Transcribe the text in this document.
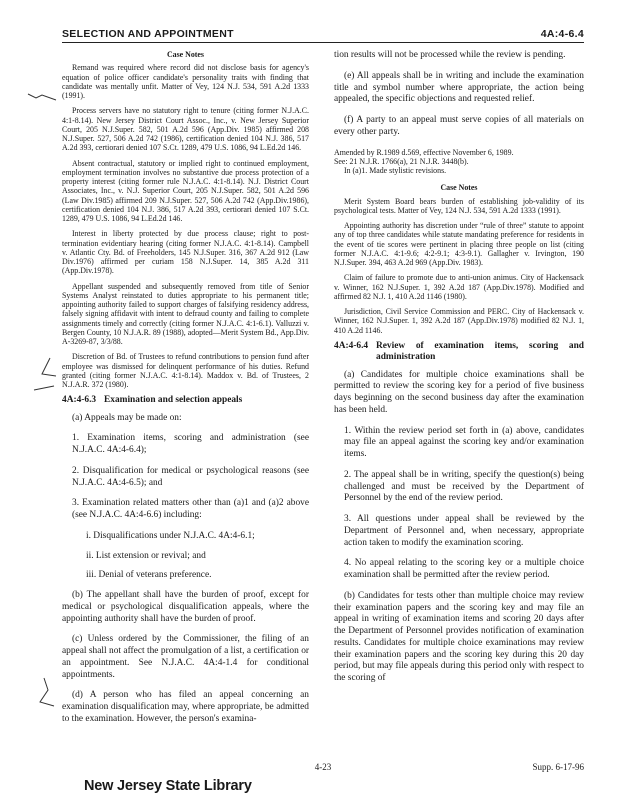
SELECTION AND APPOINTMENT	4A:4-6.4
Case Notes

Remand was required where record did not disclose basis for agency's equation of police officer candidate's personality traits with finding that candidate was mentally unfit. Matter of Vey, 124 N.J. 534, 591 A.2d 1333 (1991).

Process servers have no statutory right to tenure (citing former N.J.A.C. 4:1-8.14). New Jersey District Court Assoc., Inc., v. New Jersey Superior Court, 205 N.J.Super. 582, 501 A.2d 596 (App.Div. 1985) affirmed 208 N.J.Super. 527, 506 A.2d 742 (1986), certification denied 104 N.J. 386, 517 A.2d 393, certiorari denied 107 S.Ct. 1289, 479 U.S. 1086, 94 L.Ed.2d 146.

Absent contractual, statutory or implied right to continued employment, employment termination involves no substantive due process protection of a property interest (citing former rule N.J.A.C. 4:1-8.14). N.J. District Court Associates, Inc., v. N.J. Superior Court, 205 N.J.Super. 582, 501 A.2d 596 (Law Div.1985) affirmed 209 N.J.Super. 527, 506 A.2d 742 (App.Div.1986), certification denied 104 N.J. 386, 517 A.2d 393, certiorari denied 107 S.Ct. 1289, 479 U.S. 1086, 94 L.Ed.2d 146.

Interest in liberty protected by due process clause; right to post-termination evidentiary hearing (citing former N.J.A.C. 4:1-8.14). Campbell v. Atlantic Cty. Bd. of Freeholders, 145 N.J.Super. 316, 367 A.2d 912 (Law Div.1976) affirmed per curiam 158 N.J.Super. 14, 385 A.2d 311 (App.Div.1978).

Appellant suspended and subsequently removed from title of Senior Systems Analyst reinstated to duties appropriate to his permanent title; appointing authority failed to support charges of falsifying residency address, falsely signing affidavit with intent to defraud county and failing to complete assignments timely and correctly (citing former N.J.A.C. 4:1-6.1). Valluzzi v. Bergen County, 10 N.J.A.R. 89 (1988), adopted—Merit System Bd., App.Div. A-3269-87, 3/3/88.

Discretion of Bd. of Trustees to refund contributions to pension fund after employee was dismissed for delinquent performance of his duties. Refund granted (citing former N.J.A.C. 4:1-8.14). Maddox v. Bd. of Trustees, 2 N.J.A.R. 372 (1980).

4A:4-6.3 Examination and selection appeals

(a) Appeals may be made on:

1. Examination items, scoring and administration (see N.J.A.C. 4A:4-6.4);

2. Disqualification for medical or psychological reasons (see N.J.A.C. 4A:4-6.5); and

3. Examination related matters other than (a)1 and (a)2 above (see N.J.A.C. 4A:4-6.6) including:

i. Disqualifications under N.J.A.C. 4A:4-6.1;

ii. List extension or revival; and

iii. Denial of veterans preference.

(b) The appellant shall have the burden of proof, except for medical or psychological disqualification appeals, where the appointing authority shall have the burden of proof.

(c) Unless ordered by the Commissioner, the filing of an appeal shall not affect the promulgation of a list, a certification or an appointment. See N.J.A.C. 4A:4-1.4 for conditional appointments.

(d) A person who has filed an appeal concerning an examination disqualification may, where appropriate, be admitted to the examination. However, the person's examina-

tion results will not be processed while the review is pending.

(e) All appeals shall be in writing and include the examination title and symbol number where appropriate, the action being appealed, the specific objections and requested relief.

(f) A party to an appeal must serve copies of all materials on every other party.

Amended by R.1989 d.569, effective November 6, 1989.
See: 21 N.J.R. 1766(a), 21 N.J.R. 3448(b).
In (a)1. Made stylistic revisions.
Case Notes

Merit System Board bears burden of establishing job-validity of its psychological tests. Matter of Vey, 124 N.J. 534, 591 A.2d 1333 (1991).

Appointing authority has discretion under “rule of three” statute to appoint any of top three candidates while statute mandating preference for residents in the event of tie scores were pertinent in placing three people on list (citing former N.J.A.C. 4:1-9.6; 4:2-9.1; 4:3-9.1). Gallagher v. Irvington, 190 N.J.Super. 394, 463 A.2d 969 (App.Div. 1983).

Claim of failure to promote due to anti-union animus. City of Hackensack v. Winner, 162 N.J.Super. 1, 392 A.2d 187 (App.Div.1978). Modified and affirmed 82 N.J. 1, 410 A.2d 1146 (1980).

Jurisdiction, Civil Service Commission and PERC. City of Hackensack v. Winner, 162 N.J.Super. 1, 392 A.2d 187 (App.Div.1978) modified 82 N.J. 1, 410 A.2d 1146.

4A:4-6.4 Review of examination items, scoring and administration

(a) Candidates for multiple choice examinations shall be permitted to review the scoring key for a period of five business days beginning on the second business day after the examination has been held.

1. Within the review period set forth in (a) above, candidates may file an appeal against the scoring key and/or examination items.

2. The appeal shall be in writing, specify the question(s) being challenged and must be received by the Department of Personnel by the end of the review period.

3. All questions under appeal shall be reviewed by the Department of Personnel and, when necessary, appropriate action taken to modify the examination scoring.

4. No appeal relating to the scoring key or a multiple choice examination shall be permitted after the review period.

(b) Candidates for tests other than multiple choice may review their examination papers and the scoring key and may file an appeal in writing of examination items and scoring 20 days after the Department of Personnel provides notification of examination results. Candidates for multiple choice examinations may review their examination papers and the scoring key during this 20 day period, but may file appeals during this period only with respect to the scoring of

4-23	Supp. 6-17-96
New Jersey State Library
